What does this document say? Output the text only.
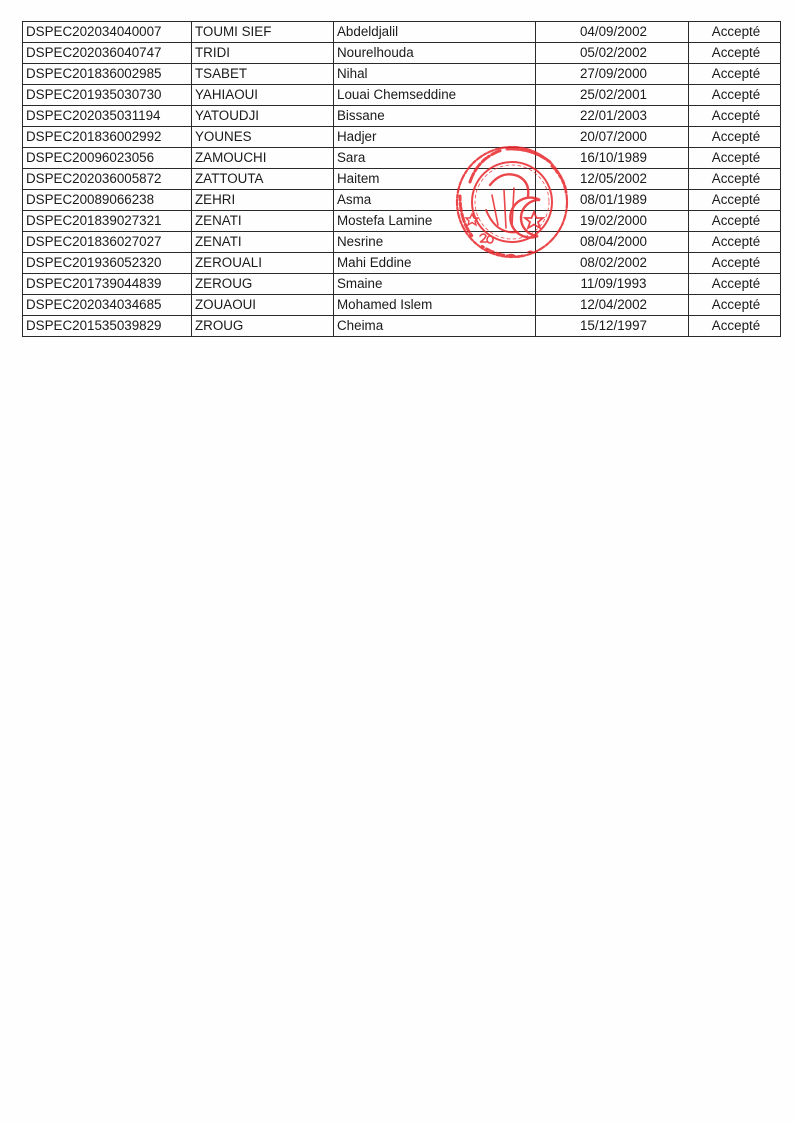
DSPEC202034040007	TOUMI SIEF	Abdeldjalil	04/09/2002	Accepté
DSPEC202036040747	TRIDI	Nourelhouda	05/02/2002	Accepté
DSPEC201836002985	TSABET	Nihal	27/09/2000	Accepté
DSPEC201935030730	YAHIAOUI	Louai Chemseddine	25/02/2001	Accepté
DSPEC202035031194	YATOUDJI	Bissane	22/01/2003	Accepté
DSPEC201836002992	YOUNES	Hadjer	20/07/2000	Accepté
DSPEC20096023056	ZAMOUCHI	Sara	16/10/1989	Accepté
DSPEC202036005872	ZATTOUTA	Haitem	12/05/2002	Accepté
DSPEC20089066238	ZEHRI	Asma	08/01/1989	Accepté
DSPEC201839027321	ZENATI	Mostefa Lamine	19/02/2000	Accepté
DSPEC201836027027	ZENATI	Nesrine	08/04/2000	Accepté
DSPEC201936052320	ZEROUALI	Mahi Eddine	08/02/2002	Accepté
DSPEC201739044839	ZEROUG	Smaine	11/09/1993	Accepté
DSPEC202034034685	ZOUAOUI	Mohamed Islem	12/04/2002	Accepté
DSPEC201535039829	ZROUG	Cheima	15/12/1997	Accepté
